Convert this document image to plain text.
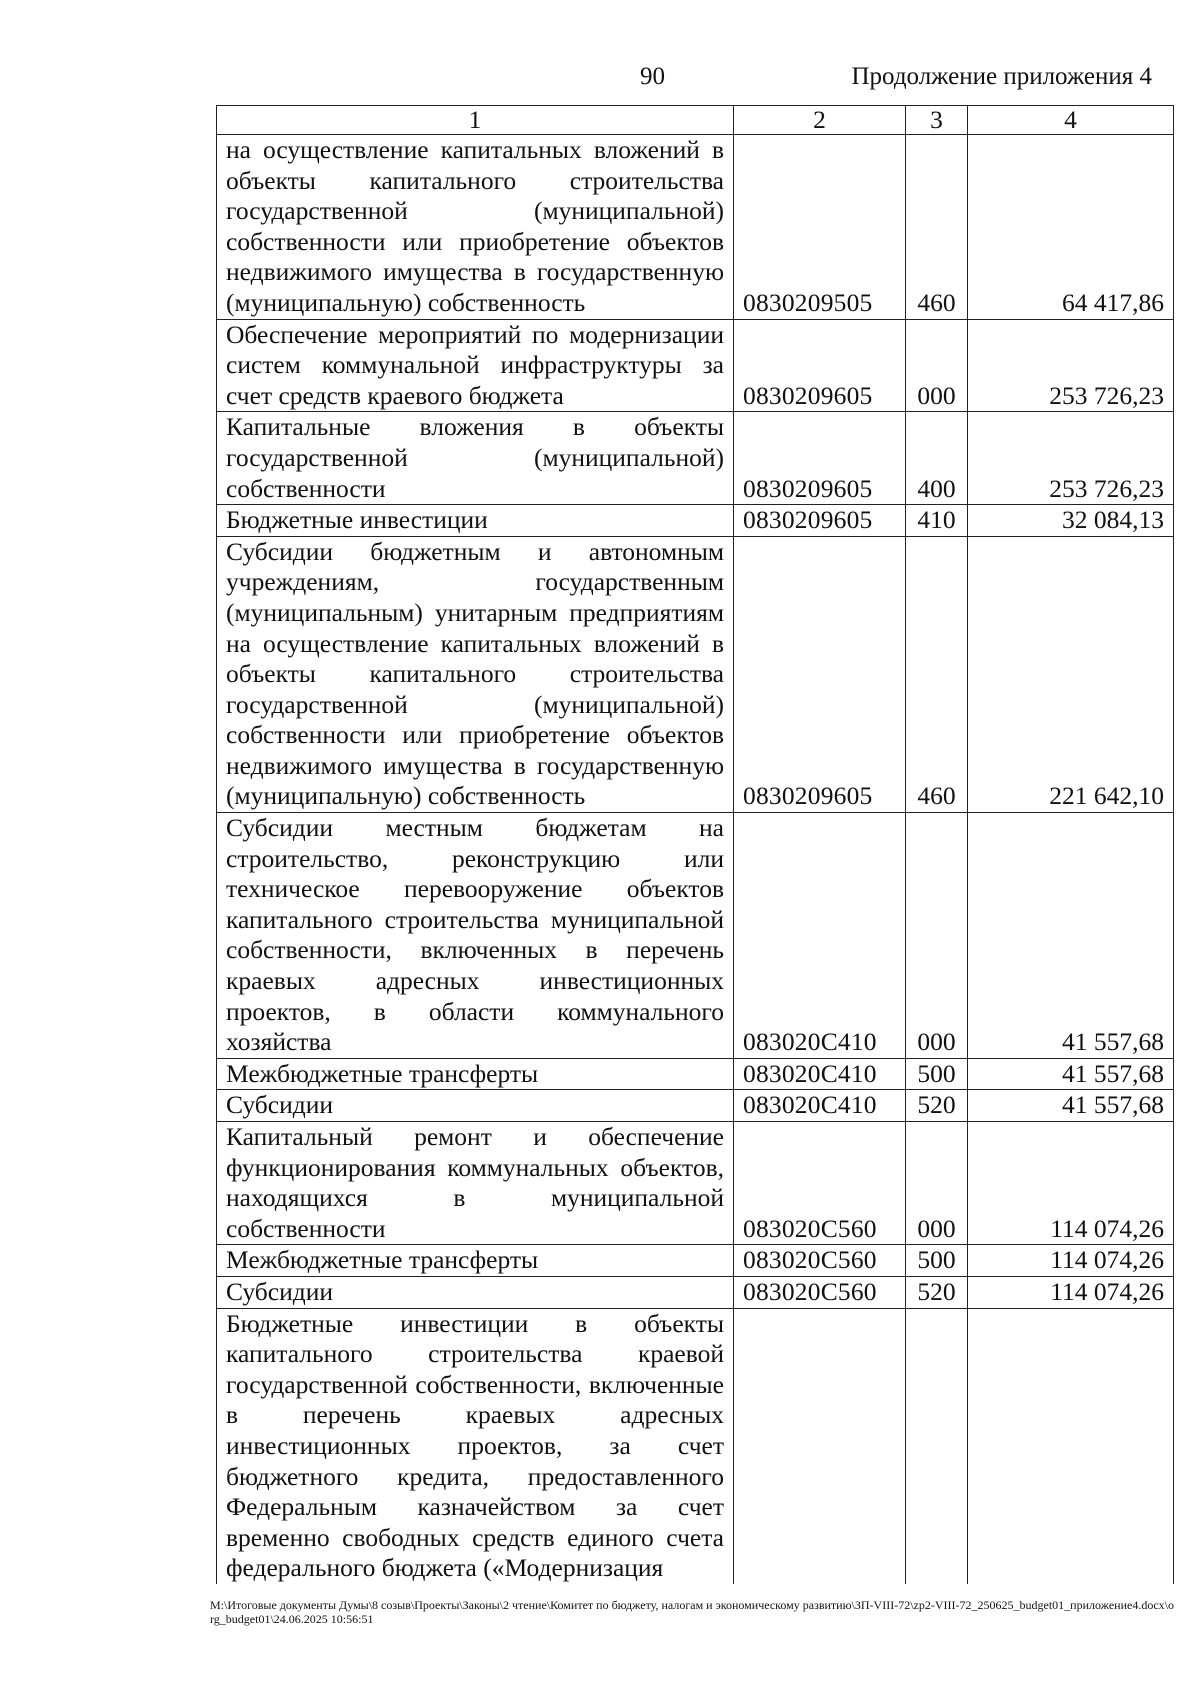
90	Продолжение приложения 4
1	2	3	4
на осуществление капитальных вложений в объекты капитального строительства государственной (муниципальной) собственности или приобретение объектов недвижимого имущества в государственную (муниципальную) собственность	0830209505	460	64 417,86
Обеспечение мероприятий по модернизации систем коммунальной инфраструктуры за счет средств краевого бюджета	0830209605	000	253 726,23
Капитальные вложения в объекты государственной (муниципальной) собственности	0830209605	400	253 726,23
Бюджетные инвестиции	0830209605	410	32 084,13
Субсидии бюджетным и автономным учреждениям, государственным (муниципальным) унитарным предприятиям на осуществление капитальных вложений в объекты капитального строительства государственной (муниципальной) собственности или приобретение объектов недвижимого имущества в государственную (муниципальную) собственность	0830209605	460	221 642,10
Субсидии местным бюджетам на строительство, реконструкцию или техническое перевооружение объектов капитального строительства муниципальной собственности, включенных в перечень краевых адресных инвестиционных проектов, в области коммунального хозяйства	083020С410	000	41 557,68
Межбюджетные трансферты	083020С410	500	41 557,68
Субсидии	083020С410	520	41 557,68
Капитальный ремонт и обеспечение функционирования коммунальных объектов, находящихся в муниципальной собственности	083020С560	000	114 074,26
Межбюджетные трансферты	083020С560	500	114 074,26
Субсидии	083020С560	520	114 074,26
Бюджетные инвестиции в объекты капитального строительства краевой государственной собственности, включенные в перечень краевых адресных инвестиционных проектов, за счет бюджетного кредита, предоставленного Федеральным казначейством за счет временно свободных средств единого счета федерального бюджета («Модернизация			
M:\Итоговые документы Думы\8 созыв\Проекты\Законы\2 чтение\Комитет по бюджету, налогам и экономическому развитию\ЗП-VIII-72\zp2-VIII-72_250625_budget01_приложение4.docx\org_budget01\24.06.2025 10:56:51
